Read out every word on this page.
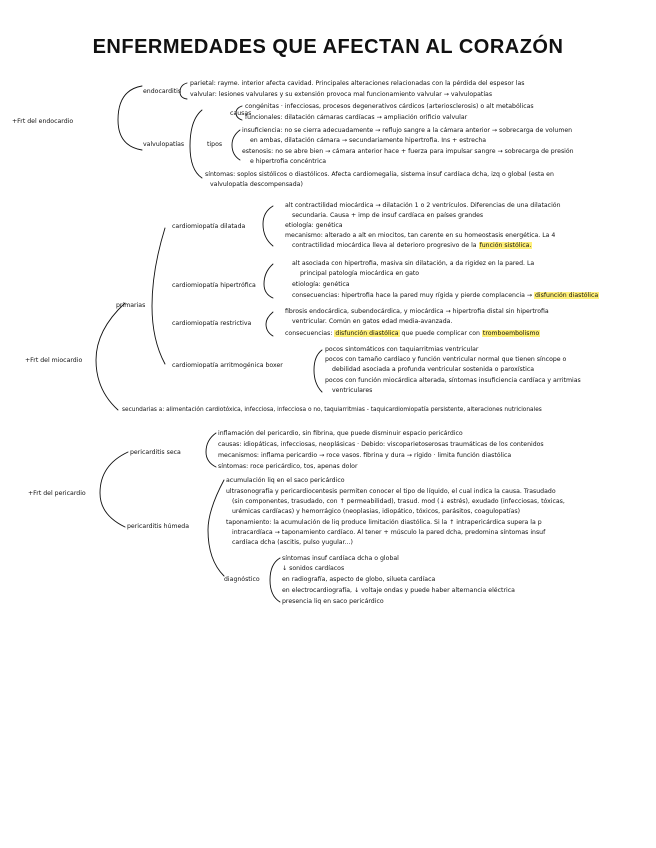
ENFERMEDADES QUE AFECTAN AL CORAZÓN
+Frt del endocardio
endocarditis
parietal: rayme. interior afecta cavidad. Principales alteraciones relacionadas con la pérdida del espesor las
valvular: lesiones valvulares y su extensión provoca mal funcionamiento valvular → valvulopatías
valvulopatías
causas
congénitas · infecciosas, procesos degenerativos cárdicos (arteriosclerosis) o alt metabólicas
funcionales: dilatación cámaras cardíacas → ampliación orificio valvular
tipos
insuficiencia: no se cierra adecuadamente → reflujo sangre a la cámara anterior → sobrecarga de volumen
en ambas, dilatación cámara → secundariamente hipertrofia. Ins + estrecha
estenosis: no se abre bien → cámara anterior hace + fuerza para impulsar sangre → sobrecarga de presión
e hipertrofia concéntrica
síntomas: soplos sistólicos o diastólicos. Afecta cardiomegalia, sistema insuf cardíaca dcha, izq o global (esta en
valvulopatía descompensada)
+Frt del miocardio
primarias
cardiomiopatía dilatada
alt contractilidad miocárdica → dilatación 1 o 2 ventrículos. Diferencias de una dilatación
secundaria. Causa + imp de insuf cardíaca en países grandes
etiología: genética
mecanismo: alterado a alt en miocitos, tan carente en su homeostasis energética. La 4
contractilidad miocárdica lleva al deterioro progresivo de la función sistólica.
cardiomiopatía hipertrófica
alt asociada con hipertrofia, masiva sin dilatación, a da rigidez en la pared. La
principal patología miocárdica en gato
etiología: genética
consecuencias: hipertrofia hace la pared muy rígida y pierde complacencia → disfunción diastólica
cardiomiopatía restrictiva
fibrosis endocárdica, subendocárdica, y miocárdica → hipertrofia distal sin hipertrofia
ventricular. Común en gatos edad media-avanzada.
consecuencias: disfunción diastólica que puede complicar con tromboembolismo
cardiomiopatía arritmogénica boxer
pocos sintomáticos con taquiarritmias ventricular
pocos con tamaño cardíaco y función ventricular normal que tienen síncope o
debilidad asociada a profunda ventricular sostenida o paroxística
pocos con función miocárdica alterada, síntomas insuficiencia cardíaca y arritmias
ventriculares
secundarias a: alimentación cardiotóxica, infecciosa, infecciosa o no, taquiarritmias - taquicardiomiopatía persistente, alteraciones nutricionales
+Frt del pericardio
pericarditis seca
inflamación del pericardio, sin fibrina, que puede disminuir espacio pericárdico
causas: idiopáticas, infecciosas, neoplásicas · Debido: viscoparietoserosas traumáticas de los contenidos
mecanismos: inflama pericardio → roce vasos. fibrina y dura → rígido · limita función diastólica
síntomas: roce pericárdico, tos, apenas dolor
pericarditis húmeda
acumulación liq en el saco pericárdico
ultrasonografía y pericardiocentesis permiten conocer el tipo de líquido, el cual indica la causa. Trasudado
(sin componentes, trasudado, con ↑ permeabilidad), trasud. mod (↓ estrés), exudado (infecciosas, tóxicas,
urémicas cardíacas) y hemorrágico (neoplasias, idiopático, tóxicos, parásitos, coagulopatías)
taponamiento: la acumulación de liq produce limitación diastólica. Si la ↑ intrapericárdica supera la p
intracardíaca → taponamiento cardíaco. Al tener + músculo la pared dcha, predomina síntomas insuf
cardíaca dcha (ascitis, pulso yugular...)
diagnóstico
síntomas insuf cardíaca dcha o global
↓ sonidos cardíacos
en radiografía, aspecto de globo, silueta cardíaca
en electrocardiografía, ↓ voltaje ondas y puede haber alternancia eléctrica
presencia liq en saco pericárdico
